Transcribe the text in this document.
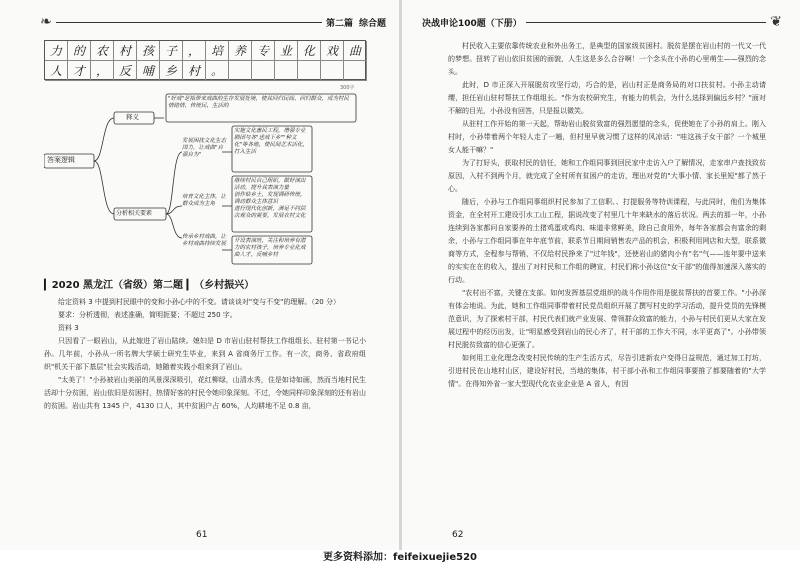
❧	第二篇 综合题
力 的 农 村 孩 子 ， 培 养 专 业 化 戏 曲
人 才 ， 反 哺 乡 村 。
300字
答案逻辑
释义
"好戏"是指带来戏曲的生存发展处境，使其回归民间、回归群众，成为村民情绪情、传统民、生活的
分析相关要素
发展困扰文化生态国力，让戏曲"自强自为"
实施文化惠民工程，增强专业剧团与各"送戏下乡""种文化"等各地，使民间艺术活化，打入生活
培育文化主体，让群众成为主角
继续村民自己组织，做好演出活动，提升其表演力量
创作贴乡土，发现调研传统，调动群众主体意识
进行现代化创新，满足不同层次观众的需要，发展农村文化
传承乡村戏曲，让乡村戏曲持续发展	开设表演班，关注和培养有潜力的农村孩子，培养专业化戏曲人才，反哺乡村
▎2020 黑龙江（省级）第二题 ▎（乡村振兴）

给定资料 3 中提到村民眼中的变和小孙心中的不变。请谈谈对"变与不变"的理解。（20 分）

要求：分析透彻，表述准确，简明扼要；不超过 250 字。

资料 3

只因看了一眼岩山，从此嫁进了岩山陆续。媳妇是 D 市岩山驻村帮扶工作组组长、驻村第一书记小孙。几年前，小孙从一所名牌大学硕士研究生毕业，来到 A 省商务厅工作。有一次，商务、省政府组织"机关干部下基层"社会实践活动，她随着实践小组来到了岩山。

"太美了！"小孙被岩山美丽的风景深深吸引，花红柳绿，山清水秀，住是如诗如画，然而当地村民生活却十分贫困，岩山依旧是贫困村，热情好客的村民令她印象深刻。不过，令她同样印象深刻的还有岩山的贫困。岩山共有 1345 户，4130 口人，其中贫困户占 60%，人均耕地不足 0.8 亩，

61
决战申论100题（下册）	❦

村民收入主要依靠传统农业和外出务工，是典型的国家级贫困村。脱贫是摆在岩山村的一代又一代的梦想。扭转了岩山依旧贫困的面貌，人生这是多么合谷啊！一个念头在小孙的心里萌生——强烈的念头。

此时，D 市正深入开展脱贫攻坚行动，巧合的是，岩山村正是商务局的对口扶贫村。小孙主动请缨，担任岩山驻村帮扶工作组组长。"作为农校研究生，有能力的机会，为什么选择到偏远乡村？"面对不解的目光，小孙没有回答，只是报以微笑。

从驻村工作开始的第一天起，帮助岩山脱贫致富的强烈愿望的念头，促使她在了小孙的肩上。刚入村时，小孙带着两个年轻人走了一趟，但村里早就习惯了这样的风凉话："哇这孩子女干部？一个城里女人能干嘛？"

为了打好头，获取村民的信任，她和工作组同事到回民家中走访入户了解情况，走家串户查找致贫原因，入村不到两个月，就完成了全村所有贫困户的走访，理出对党的"大事小情、家长里短"都了然于心。

随后，小孙与工作组同事组织村民参加了工信职、、打提服务等特训课程，与此同时，他们为集体资金，在全村开工建设引水工山工程，据说改变了村里几十年来缺水的落后状况。两去的那一年，小孙连续到各家都问自家要养的土猪鸡蛋或鸡肉、味道非常鲜美，除自己食用外，每年各家都会有富余的剩余，小孙与工作组同事在年年底节前，联系节日期间销售农产品的机会，积极利用网店和大型，联系微商等方式，全程参与帮销，不仅给村民挣来了"过年钱"，还使岩山的猪肉小有"名"气——连年要中送来的实实在在的收入，提出了对村民和工作组的聘宣，村民们称小孙这位"女干部"的值得加速深入落实的行动。

"农村出不富，关键在支部。如何发挥基层党组织的战斗作用作用是脱贫帮扶的首要工作。"小孙深有体会地说。为此，她和工作组同事带着村民党员组织开展了撰写村史的学习活动，提升党员的先锋模范意识，为了探索村干部，村民代表们就产业发展、带领群众致富的能力，小孙与村民们更从大家在发展过程中的经历出发，让"明星感受到岩山的民心齐了，村干部的工作大不同，水平更高了"。小孙带领村民脱贫致富的信心更强了。

如何用工业化理念改变村民传统的生产生活方式，尽告引进新农户变得日益规范，通过加工打坊，引进村民在山地村山区，建设好村民，当地的集体，村干部小孙和工作组同事要推了都要随着的"大学情"。在得知外省一家大型现代化农业企业是 A 省人，有因

62
更多资料添加：feifeixuejie520
